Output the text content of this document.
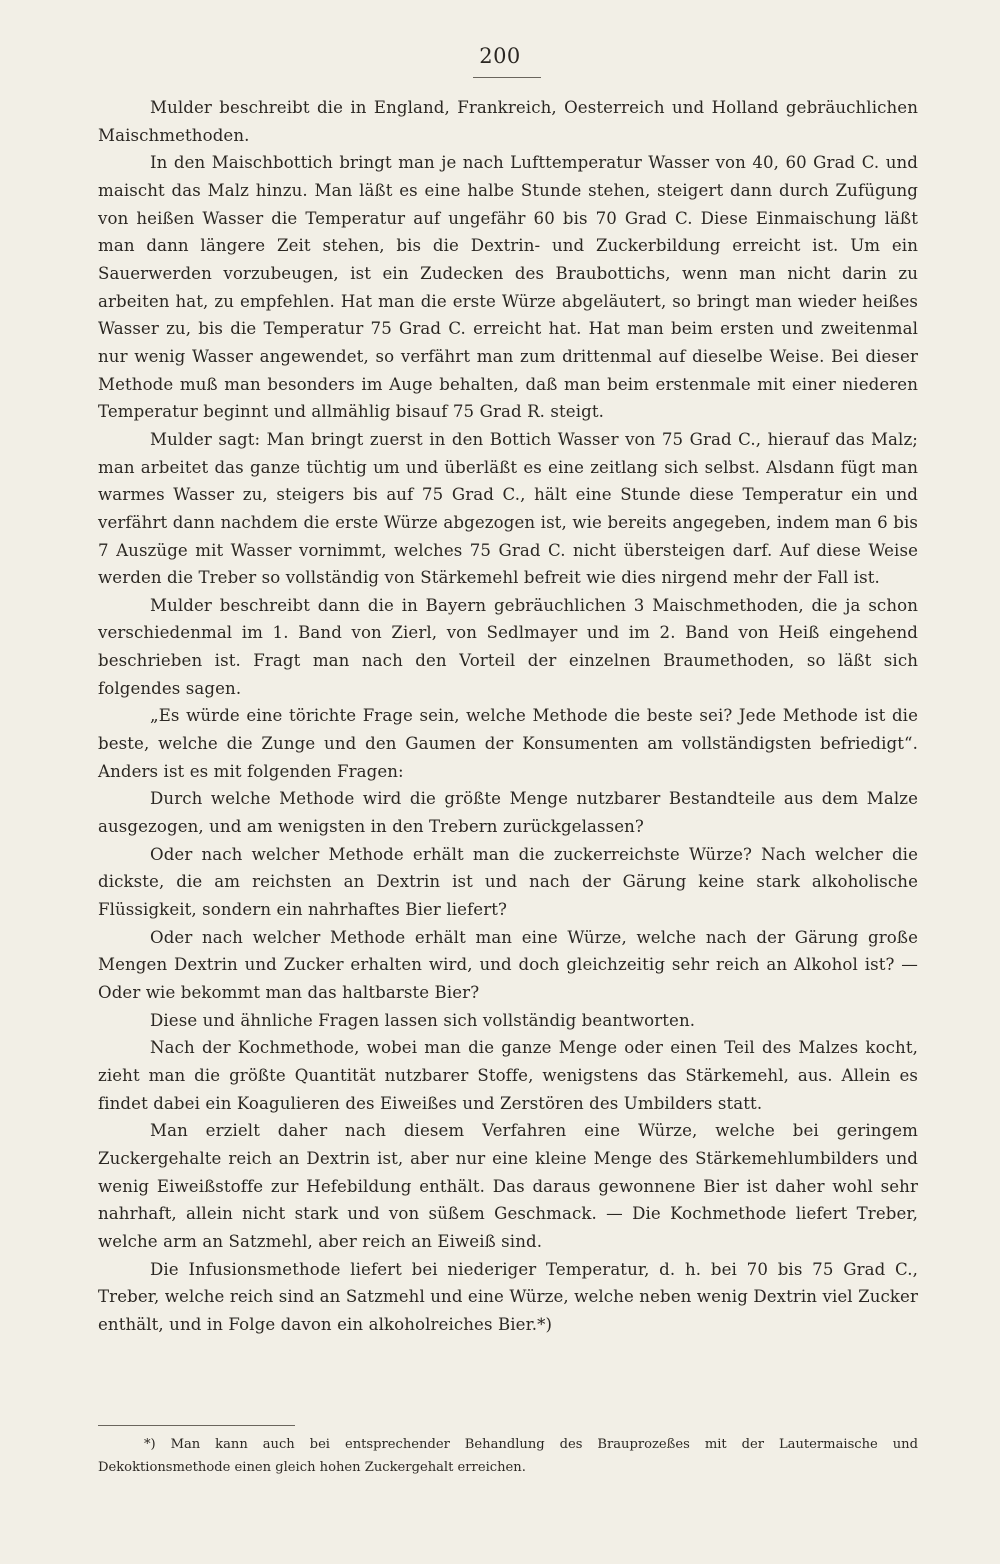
200

Mulder beschreibt die in England, Frankreich, Oesterreich und Holland gebräuchlichen Maischmethoden.

In den Maischbottich bringt man je nach Lufttemperatur Wasser von 40, 60 Grad C. und maischt das Malz hinzu. Man läßt es eine halbe Stunde stehen, steigert dann durch Zufügung von heißen Wasser die Temperatur auf ungefähr 60 bis 70 Grad C. Diese Einmaischung läßt man dann längere Zeit stehen, bis die Dextrin- und Zuckerbildung erreicht ist. Um ein Sauerwerden vorzubeugen, ist ein Zudecken des Braubottichs, wenn man nicht darin zu arbeiten hat, zu empfehlen. Hat man die erste Würze abgeläutert, so bringt man wieder heißes Wasser zu, bis die Temperatur 75 Grad C. erreicht hat. Hat man beim ersten und zweitenmal nur wenig Wasser angewendet, so verfährt man zum drittenmal auf dieselbe Weise. Bei dieser Methode muß man besonders im Auge behalten, daß man beim erstenmale mit einer niederen Temperatur beginnt und allmählig bisauf 75 Grad R. steigt.

Mulder sagt: Man bringt zuerst in den Bottich Wasser von 75 Grad C., hierauf das Malz; man arbeitet das ganze tüchtig um und überläßt es eine zeitlang sich selbst. Alsdann fügt man warmes Wasser zu, steigers bis auf 75 Grad C., hält eine Stunde diese Temperatur ein und verfährt dann nachdem die erste Würze abgezogen ist, wie bereits angegeben, indem man 6 bis 7 Auszüge mit Wasser vornimmt, welches 75 Grad C. nicht übersteigen darf. Auf diese Weise werden die Treber so vollständig von Stärkemehl befreit wie dies nirgend mehr der Fall ist.

Mulder beschreibt dann die in Bayern gebräuchlichen 3 Maischmethoden, die ja schon verschiedenmal im 1. Band von Zierl, von Sedlmayer und im 2. Band von Heiß eingehend beschrieben ist. Fragt man nach den Vorteil der einzelnen Braumethoden, so läßt sich folgendes sagen.

„Es würde eine törichte Frage sein, welche Methode die beste sei? Jede Methode ist die beste, welche die Zunge und den Gaumen der Konsumenten am vollständigsten befriedigt“. Anders ist es mit folgenden Fragen:

Durch welche Methode wird die größte Menge nutzbarer Bestandteile aus dem Malze ausgezogen, und am wenigsten in den Trebern zurückgelassen?

Oder nach welcher Methode erhält man die zuckerreichste Würze? Nach welcher die dickste, die am reichsten an Dextrin ist und nach der Gärung keine stark alkoholische Flüssigkeit, sondern ein nahrhaftes Bier liefert?

Oder nach welcher Methode erhält man eine Würze, welche nach der Gärung große Mengen Dextrin und Zucker erhalten wird, und doch gleichzeitig sehr reich an Alkohol ist? — Oder wie bekommt man das haltbarste Bier?

Diese und ähnliche Fragen lassen sich vollständig beantworten.

Nach der Kochmethode, wobei man die ganze Menge oder einen Teil des Malzes kocht, zieht man die größte Quantität nutzbarer Stoffe, wenigstens das Stärkemehl, aus. Allein es findet dabei ein Koagulieren des Eiweißes und Zerstören des Umbilders statt.

Man erzielt daher nach diesem Verfahren eine Würze, welche bei geringem Zuckergehalte reich an Dextrin ist, aber nur eine kleine Menge des Stärkemehlumbilders und wenig Eiweißstoffe zur Hefebildung enthält. Das daraus gewonnene Bier ist daher wohl sehr nahrhaft, allein nicht stark und von süßem Geschmack. — Die Kochmethode liefert Treber, welche arm an Satzmehl, aber reich an Eiweiß sind.

Die Infusionsmethode liefert bei niederiger Temperatur, d. h. bei 70 bis 75 Grad C., Treber, welche reich sind an Satzmehl und eine Würze, welche neben wenig Dextrin viel Zucker enthält, und in Folge davon ein alkoholreiches Bier.*)

*) Man kann auch bei entsprechender Behandlung des Brauprozeßes mit der Lautermaische und Dekoktionsmethode einen gleich hohen Zuckergehalt erreichen.
